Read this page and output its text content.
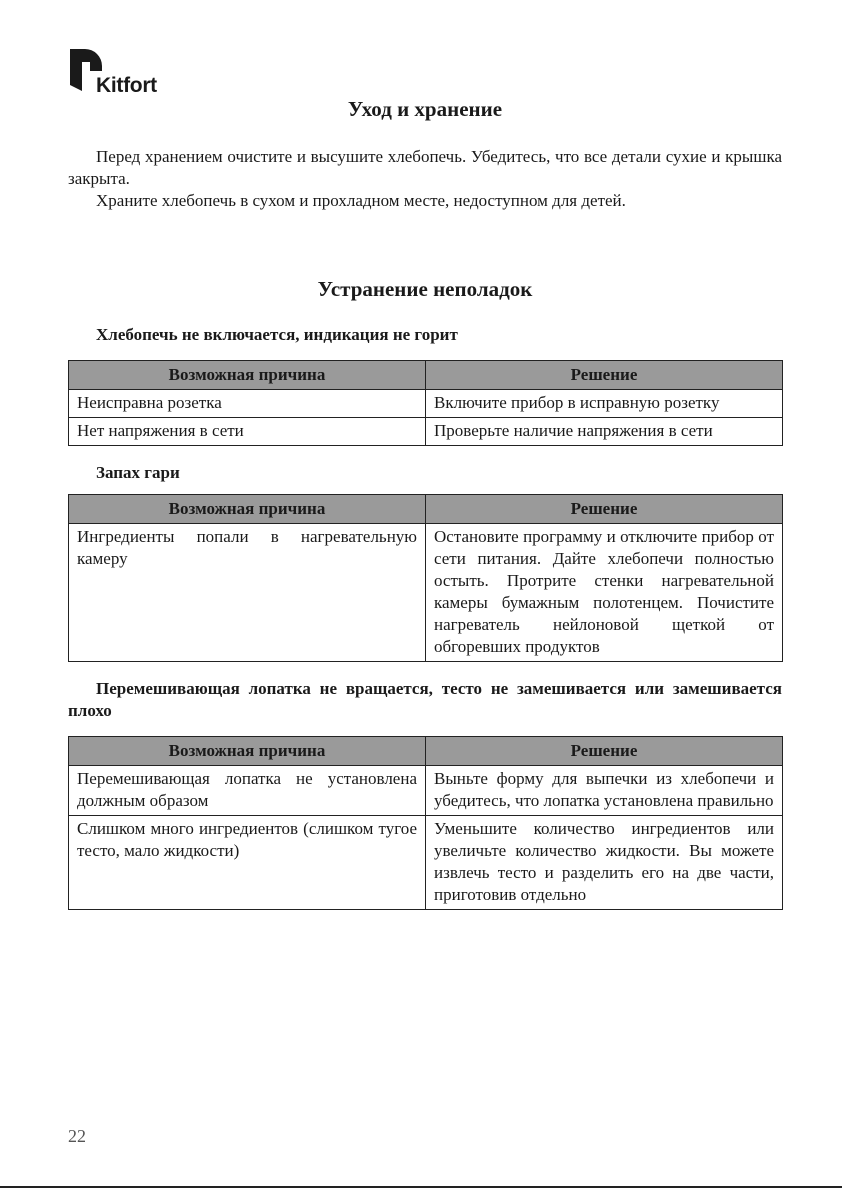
Kitfort
Уход и хранение

Перед хранением очистите и высушите хлебопечь. Убедитесь, что все детали сухие и крышка закрыта.

Храните хлебопечь в сухом и прохладном месте, недоступном для детей.

Устранение неполадок

Хлебопечь не включается, индикация не горит

Возможная причина	Решение
Неисправна розетка	Включите прибор в исправную розетку
Нет напряжения в сети	Проверьте наличие напряжения в сети

Запах гари

Возможная причина	Решение
Ингредиенты попали в нагревательную камеру	Остановите программу и отключите прибор от сети питания. Дайте хлебопечи полностью остыть. Протрите стенки нагревательной камеры бумажным полотенцем. Почистите нагреватель нейлоновой щеткой от обгоревших продуктов

Перемешивающая лопатка не вращается, тесто не замешивается или замешивается плохо

Возможная причина	Решение
Перемешивающая лопатка не установлена должным образом	Выньте форму для выпечки из хлебопечи и убедитесь, что лопатка установлена правильно
Слишком много ингредиентов (слишком тугое тесто, мало жидкости)	Уменьшите количество ингредиентов или увеличьте количество жидкости. Вы можете извлечь тесто и разделить его на две части, приготовив отдельно
22
